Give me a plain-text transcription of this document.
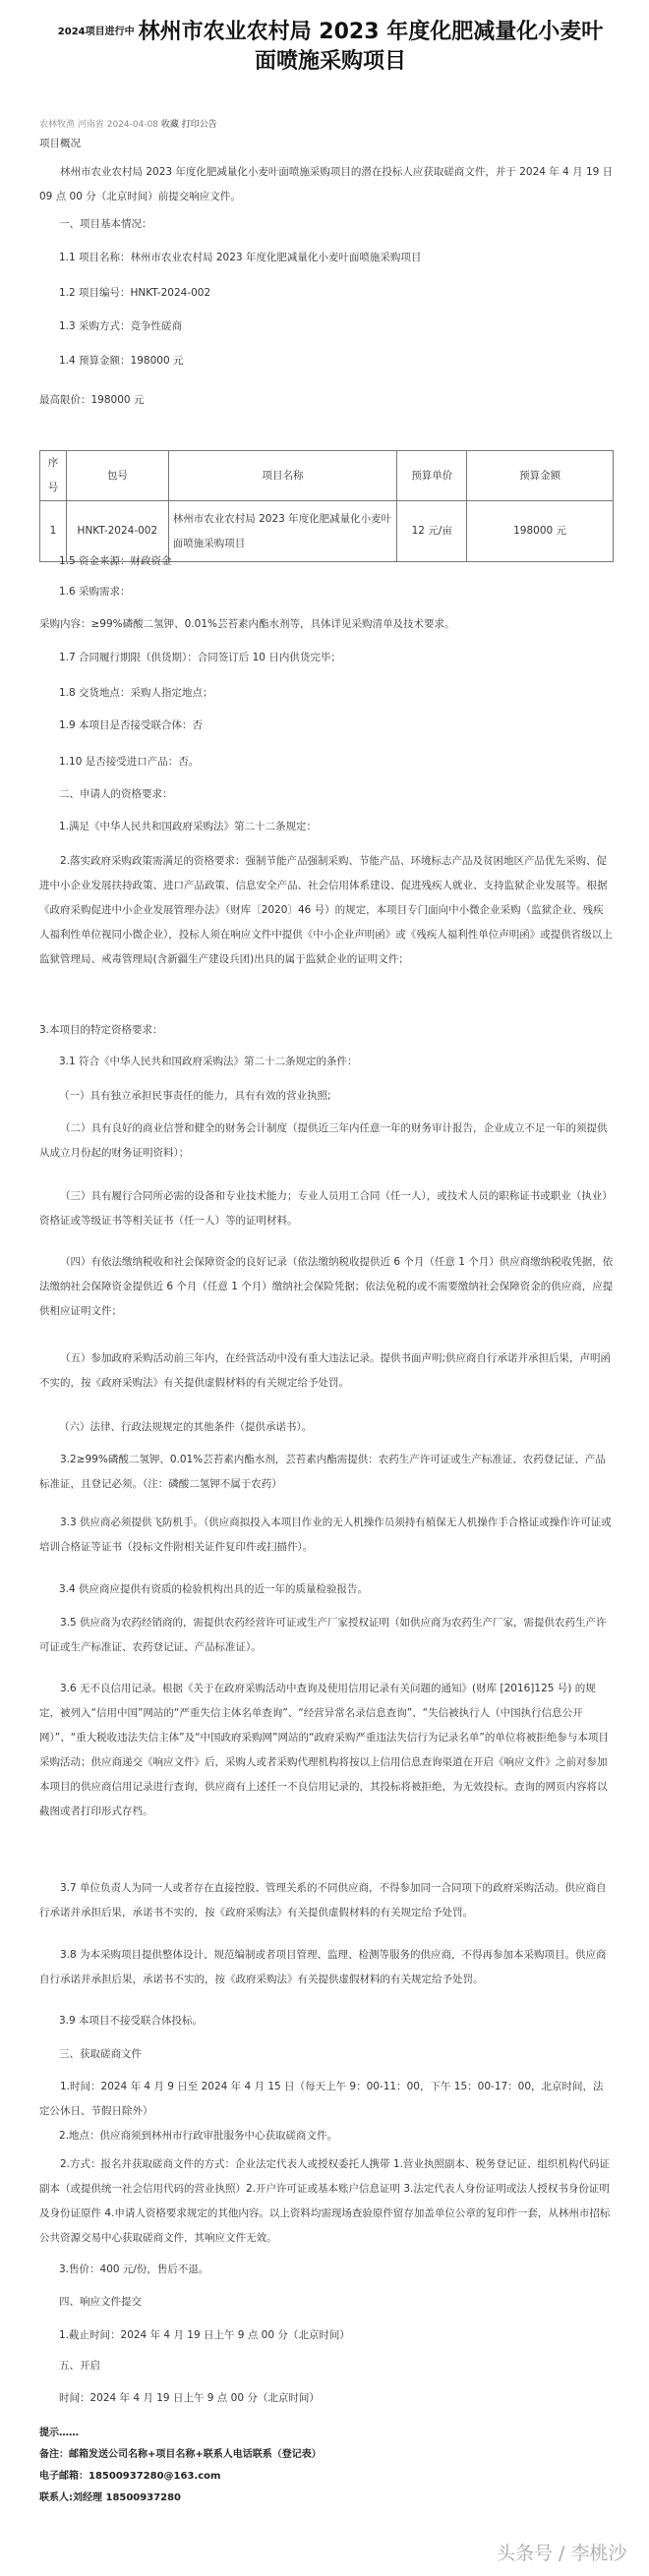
2024项目进行中 林州市农业农村局 2023 年度化肥减量化小麦叶
面喷施采购项目
农林牧渔 河南省 2024-04-08 收藏 打印公告
项目概况
林州市农业农村局 2023 年度化肥减量化小麦叶面喷施采购项目的潜在投标人应获取磋商文件，并于 2024 年 4 月 19 日 09 点 00 分（北京时间）前提交响应文件。
一、项目基本情况：
1.1 项目名称：林州市农业农村局 2023 年度化肥减量化小麦叶面喷施采购项目
1.2 项目编号：HNKT-2024-002
1.3 采购方式：竞争性磋商
1.4 预算金额：198000 元
最高限价：198000 元
序号	包号	项目名称	预算单价	预算金额
1	HNKT-2024-002	林州市农业农村局 2023 年度化肥减量化小麦叶面喷施采购项目	12 元/亩	198000 元
1.5 资金来源：财政资金
1.6 采购需求：
采购内容：≥99%磷酸二氢钾、0.01%芸苔素内酯水剂等，具体详见采购清单及技术要求。
1.7 合同履行期限（供货期）：合同签订后 10 日内供货完毕；
1.8 交货地点：采购人指定地点；
1.9 本项目是否接受联合体：否
1.10 是否接受进口产品：否。
二、申请人的资格要求：
1.满足《中华人民共和国政府采购法》第二十二条规定：
2.落实政府采购政策需满足的资格要求：强制节能产品强制采购、节能产品、环境标志产品及贫困地区产品优先采购、促进中小企业发展扶持政策、进口产品政策、信息安全产品、社会信用体系建设、促进残疾人就业、支持监狱企业发展等。根据《政府采购促进中小企业发展管理办法》（财库〔2020〕46 号）的规定，本项目专门面向中小微企业采购（监狱企业、残疾人福利性单位视同小微企业），投标人须在响应文件中提供《中小企业声明函》或《残疾人福利性单位声明函》或提供省级以上监狱管理局、戒毒管理局(含新疆生产建设兵团)出具的属于监狱企业的证明文件；
3.本项目的特定资格要求：
3.1 符合《中华人民共和国政府采购法》第二十二条规定的条件：
（一）具有独立承担民事责任的能力，具有有效的营业执照;
（二）具有良好的商业信誉和健全的财务会计制度（提供近三年内任意一年的财务审计报告，企业成立不足一年的须提供从成立月份起的财务证明资料）；
（三）具有履行合同所必需的设备和专业技术能力；专业人员用工合同（任一人），或技术人员的职称证书或职业（执业）资格证或等级证书等相关证书（任一人）等的证明材料。
（四）有依法缴纳税收和社会保障资金的良好记录（依法缴纳税收提供近 6 个月（任意 1 个月）供应商缴纳税收凭据，依法缴纳社会保障资金提供近 6 个月（任意 1 个月）缴纳社会保险凭据；依法免税的或不需要缴纳社会保障资金的供应商，应提供相应证明文件；
（五）参加政府采购活动前三年内，在经营活动中没有重大违法记录。提供书面声明;供应商自行承诺并承担后果，声明函不实的，按《政府采购法》有关提供虚假材料的有关规定给予处罚。
（六）法律、行政法规规定的其他条件（提供承诺书）。
3.2≥99%磷酸二氢钾、0.01%芸苔素内酯水剂，芸苔素内酯需提供：农药生产许可证或生产标准证、农药登记证、产品标准证，且登记必须。（注：磷酸二氢钾不属于农药）
3.3 供应商必须提供飞防机手。（供应商拟投入本项目作业的无人机操作员须持有植保无人机操作手合格证或操作许可证或培训合格证等证书（投标文件附相关证件复印件或扫描件）。
3.4 供应商应提供有资质的检验机构出具的近一年的质量检验报告。
3.5 供应商为农药经销商的，需提供农药经营许可证或生产厂家授权证明（如供应商为农药生产厂家，需提供农药生产许可证或生产标准证、农药登记证、产品标准证）。
3.6 无不良信用记录。根据《关于在政府采购活动中查询及使用信用记录有关问题的通知》(财库 [2016]125 号) 的规定，被列入“信用中国”网站的“严重失信主体名单查询”、“经营异常名录信息查询”、“失信被执行人（中国执行信息公开网）”、“重大税收违法失信主体”及“中国政府采购网”网站的“政府采购严重违法失信行为记录名单”的单位将被拒绝参与本项目采购活动；供应商递交《响应文件》后，采购人或者采购代理机构将按以上信用信息查询渠道在开启《响应文件》之前对参加本项目的供应商信用记录进行查询，供应商有上述任一不良信用记录的，其投标将被拒绝，为无效投标。查询的网页内容将以截图或者打印形式存档。
3.7 单位负责人为同一人或者存在直接控股、管理关系的不同供应商，不得参加同一合同项下的政府采购活动。供应商自行承诺并承担后果，承诺书不实的，按《政府采购法》有关提供虚假材料的有关规定给予处罚。
3.8 为本采购项目提供整体设计、规范编制或者项目管理、监理、检测等服务的供应商，不得再参加本采购项目。供应商自行承诺并承担后果，承诺书不实的，按《政府采购法》有关提供虚假材料的有关规定给予处罚。
3.9 本项目不接受联合体投标。
三、获取磋商文件
1.时间：2024 年 4 月 9 日至 2024 年 4 月 15 日（每天上午 9：00-11：00，下午 15：00-17：00，北京时间，法定公休日、节假日除外）
2.地点：供应商须到林州市行政审批服务中心获取磋商文件。
2.方式：报名并获取磋商文件的方式：企业法定代表人或授权委托人携带 1.营业执照副本、税务登记证、组织机构代码证副本（或提供统一社会信用代码的营业执照）2.开户许可证或基本账户信息证明 3.法定代表人身份证明或法人授权书身份证明及身份证原件 4.申请人资格要求规定的其他内容。以上资料均需现场查验原件留存加盖单位公章的复印件一套，从林州市招标公共资源交易中心获取磋商文件，其响应文件无效。
3.售价：400 元/份，售后不退。
四、响应文件提交
1.截止时间：2024 年 4 月 19 日上午 9 点 00 分（北京时间）
五、开启
时间：2024 年 4 月 19 日上午 9 点 00 分（北京时间）
提示……
备注：邮箱发送公司名称+项目名称+联系人电话联系（登记表）
电子邮箱：18500937280@163.com
联系人:刘经理 18500937280
头条号 / 李桃沙
